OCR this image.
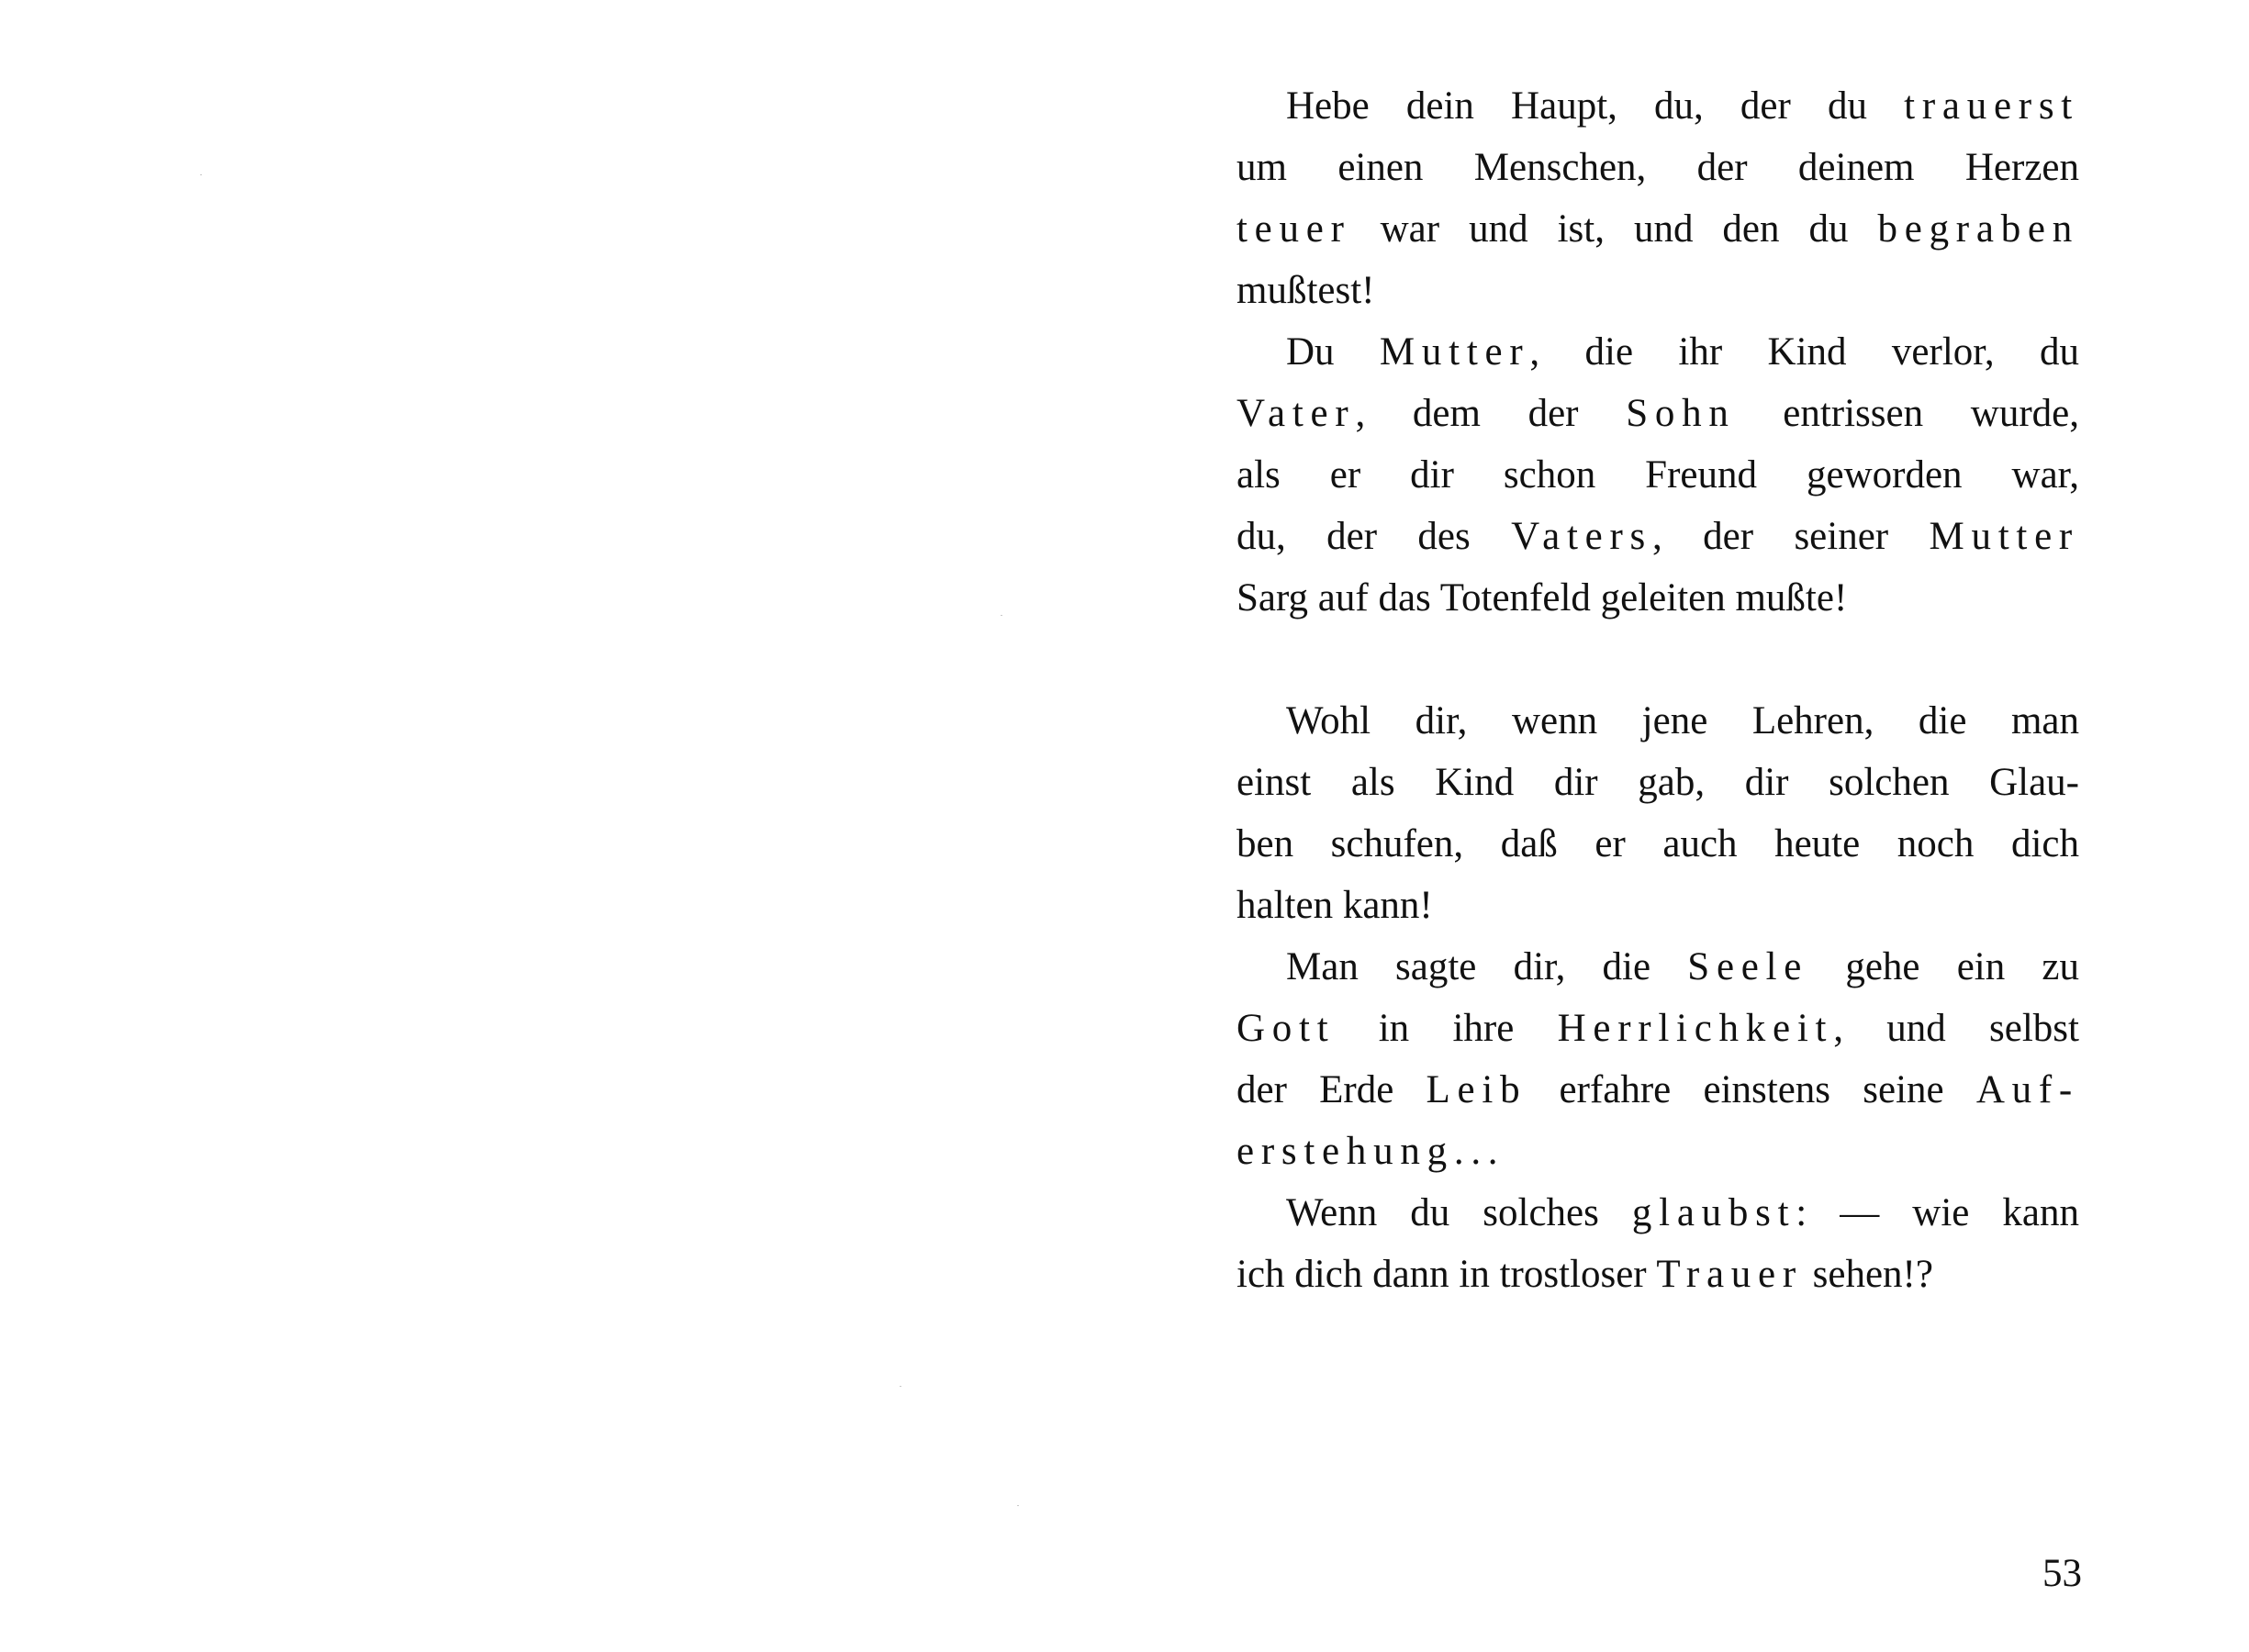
Hebe dein Haupt, du, der du trauerst
um einen Menschen, der deinem Herzen
teuer war und ist, und den du begraben
mußtest!
Du Mutter, die ihr Kind verlor, du
Vater, dem der Sohn entrissen wurde,
als er dir schon Freund geworden war,
du, der des Vaters, der seiner Mutter
Sarg auf das Totenfeld geleiten mußte!
Wohl dir, wenn jene Lehren, die man
einst als Kind dir gab, dir solchen Glau-
ben schufen, daß er auch heute noch dich
halten kann!
Man sagte dir, die Seele gehe ein zu
Gott in ihre Herrlichkeit, und selbst
der Erde Leib erfahre einstens seine Auf-
erstehung...
Wenn du solches glaubst: — wie kann
ich dich dann in trostloser Trauer sehen!?
53
